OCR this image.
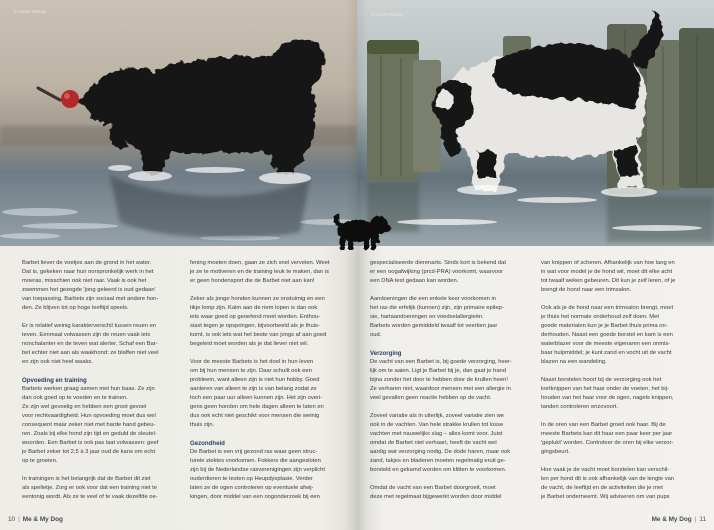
© Annie Plomp

Barbet liever de voetjes aan de grond in het water.
Dat is, gekeken naar hun oorspronkelijk werk in het
moeras, misschien ook niet raar. Vaak is ook het
zwemmen het gezegde 'jong geleerd is oud gedaan'
van toepassing. Barbets zijn sociaal met andere hon-
den. Ze blijven tot op hoge leeftijd speels.

Er is relatief weinig karakterverschil tussen reuen en
teven. Eenmaal volwassen zijn de reuen vaak iets
nonchalanter en de teven wat alerter. Schaf een Bar-
bet echter niet aan als waakhond: ze blaffen niet veel
en zijn ook niet heel waaks.

Opvoeding en training

Barbets werken graag samen met hun baas. Ze zijn
dan ook goed op te voeden en te trainen.
Ze zijn wel gevoelig en hebben een groot gevoel
voor rechtvaardigheid. Hun opvoeding moet dus wel
consequent maar zeker niet met harde hand gebeu-
ren. Zoals bij elke hond zijn tijd en geduld de sleutel-
woorden. Een Barbet is ook pas laat volwassen: geef
je Barbet zeker tot 2,5 à 3 jaar oud de kans om echt
op te groeien.

In trainingen is het belangrijk dat de Barbet dit ziet
als spelletje. Zorg er ook voor dat een training niet te
eentonig wordt. Als ze te veel of te vaak dezelfde oe-

fening moeten doen, gaan ze zich snel vervelen. Weet
je ze te motiveren en de training leuk te maken, dan is
er geen hondensport die de Barbet niet aan kan!

Zeker als jonge honden kunnen ze onstuimig en een
tikje lomp zijn. Kalm aan de riem lopen is dan ook
iets waar goed op geoefend moet worden. Enthou-
siast tegen je opspringen, bijvoorbeeld als je thuis-
komt, is ook iets wat het beste van jongs af aan goed
begeleid moet worden als je dat liever niet wil.

Voor de meeste Barbets is het doel in hun leven
om bij hun mensen te zijn. Daar schuilt ook een
probleem, want alleen zijn is niet hun hobby. Goed
aanleren van alleen te zijn is van belang zodat ze
toch een paar uur alleen kunnen zijn. Het zijn overi-
gens geen honden om hele dagen alleen te laten en
dus ook echt niet geschikt voor mensen die weinig
thuis zijn.

Gezondheid

De Barbet is een vrij gezond ras waar geen struc-
turele ziektes voorkomen. Fokkers die aangesloten
zijn bij de Nederlandse rasverenigingen zijn verplicht
ouderdieren te testen op Heupdysplasie. Verder
laten ze de ogen controleren op eventuele afwij-
kingen, door middel van een oogonderzoek bij een

10 | Me & My Dog
© Annie Plomp

gespecialiseerde dierenarts. Sinds kort is bekend dat
er een oogafwijking (prcd-PRA) voorkomt, waarvoor
een DNA test gedaan kan worden.

Aandoeningen die een enkele keer voorkomen in
het ras die erfelijk (kunnen) zijn, zijn primaire epilep-
sie, hartaandoeningen en voedselallergieën.
Barbets worden gemiddeld twaalf tot veertien jaar
oud.

Verzorging

De vacht van een Barbet is, bij goede verzorging, heer-
lijk om te aaien. Ligt je Barbet bij je, dan gaat je hand
bijna zonder het door te hebben door de krullen heen!
Ze verharen niet, waardoor mensen met een allergie in
veel gevallen geen reactie hebben op de vacht.

Zoveel variatie als in uiterlijk, zoveel variatie zien we
ook in de vachten. Van hele strakke krullen tot losse
vachten met nauwelijks slag – alles komt voor. Juist
omdat de Barbet niet verhaart, heeft de vacht wel
aardig wat verzorging nodig. De dode haren, maar ook
zand, takjes en bladeren moeten regelmatig eruit ge-
borsteld en gekamd worden om klitten te voorkomen.

Omdat de vacht van een Barbet doorgroeit, moet
deze met regelmaat bijgewerkt worden door middel

van knippen of scheren. Afhankelijk van hoe lang en
in wat voor model je de hond wil, moet dit elke acht
tot twaalf weken gebeuren. Dit kun je zelf leren, of je
brengt de hond naar een trimsalon.

Ook als je de hond naar een trimsalon brengt, moet
je thuis het normale onderhoud zelf doen. Met
goede materialen kun je je Barbet thuis prima on-
derhouden. Naast een goede borstel en kam is een
waterblazer voor de meeste eigenaren een onmis-
baar hulpmiddel; je kunt zand en vocht uit de vacht
blazen na een wandeling.

Naast borstelen hoort bij de verzorging ook het
kortknippen van het haar onder de voeten, het bij-
houden van het haar voor de ogen, nagels knippen,
tanden controleren enzovoort.

In de oren van een Barbet groeit ook haar. Bij de
meeste Barbets kan dit haar een paar keer per jaar
'geplukt' worden. Controleer de oren bij elke verzor-
gingsbeurt.

Hoe vaak je de vacht moet borstelen kan verschil-
len per hond dit is ook afhankelijk van de lengte van
de vacht, de leeftijd en de activiteiten die je met
je Barbet onderneemt. Wij adviseren om van pups

Me & My Dog | 11
